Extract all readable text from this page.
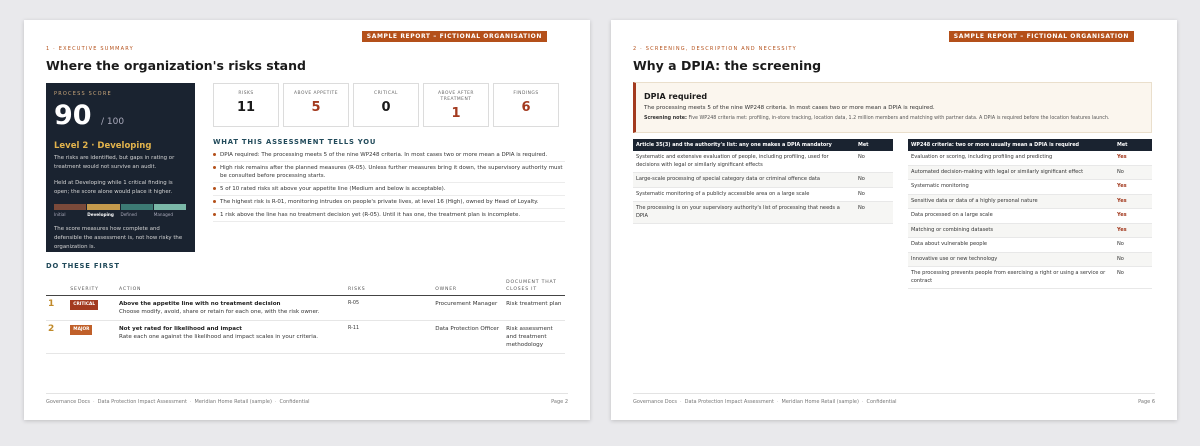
SAMPLE REPORT – FICTIONAL ORGANISATION
1 · EXECUTIVE SUMMARY
Where the organization's risks stand
PROCESS SCORE
90 / 100
Level 2 · Developing
The risks are identified, but gaps in rating or treatment would not survive an audit.
Held at Developing while 1 critical finding is open; the score alone would place it higher.
Initial	Developing	Defined	Managed
The score measures how complete and defensible the assessment is, not how risky the organization is.
RISKS
11
ABOVE APPETITE
5
CRITICAL
0
ABOVE AFTER TREATMENT
1
FINDINGS
6
WHAT THIS ASSESSMENT TELLS YOU
DPIA required: The processing meets 5 of the nine WP248 criteria. In most cases two or more mean a DPIA is required.
High risk remains after the planned measures (R-05). Unless further measures bring it down, the supervisory authority must be consulted before processing starts.
5 of 10 rated risks sit above your appetite line (Medium and below is acceptable).
The highest risk is R-01, monitoring intrudes on people's private lives, at level 16 (High), owned by Head of Loyalty.
1 risk above the line has no treatment decision yet (R-05). Until it has one, the treatment plan is incomplete.
DO THESE FIRST
	SEVERITY	ACTION	RISKS	OWNER	DOCUMENT THAT CLOSES IT
1	CRITICAL	Above the appetite line with no treatment decision
Choose modify, avoid, share or retain for each one, with the risk owner.	R-05	Procurement Manager	Risk treatment plan
2	MAJOR	Not yet rated for likelihood and impact
Rate each one against the likelihood and impact scales in your criteria.	R-11	Data Protection Officer	Risk assessment and treatment methodology
Governance Docs · Data Protection Impact Assessment · Meridian Home Retail (sample) · Confidential	Page 2
SAMPLE REPORT – FICTIONAL ORGANISATION
2 · SCREENING, DESCRIPTION AND NECESSITY
Why a DPIA: the screening
DPIA required
The processing meets 5 of the nine WP248 criteria. In most cases two or more mean a DPIA is required.
Screening note: Five WP248 criteria met: profiling, in-store tracking, location data, 1.2 million members and matching with partner data. A DPIA is required before the location features launch.
Article 35(3) and the authority's list: any one makes a DPIA mandatory	Met
Systematic and extensive evaluation of people, including profiling, used for decisions with legal or similarly significant effects	No
Large-scale processing of special category data or criminal offence data	No
Systematic monitoring of a publicly accessible area on a large scale	No
The processing is on your supervisory authority's list of processing that needs a DPIA	No
WP248 criteria: two or more usually mean a DPIA is required	Met
Evaluation or scoring, including profiling and predicting	Yes
Automated decision-making with legal or similarly significant effect	No
Systematic monitoring	Yes
Sensitive data or data of a highly personal nature	Yes
Data processed on a large scale	Yes
Matching or combining datasets	Yes
Data about vulnerable people	No
Innovative use or new technology	No
The processing prevents people from exercising a right or using a service or contract	No
Governance Docs · Data Protection Impact Assessment · Meridian Home Retail (sample) · Confidential	Page 6
